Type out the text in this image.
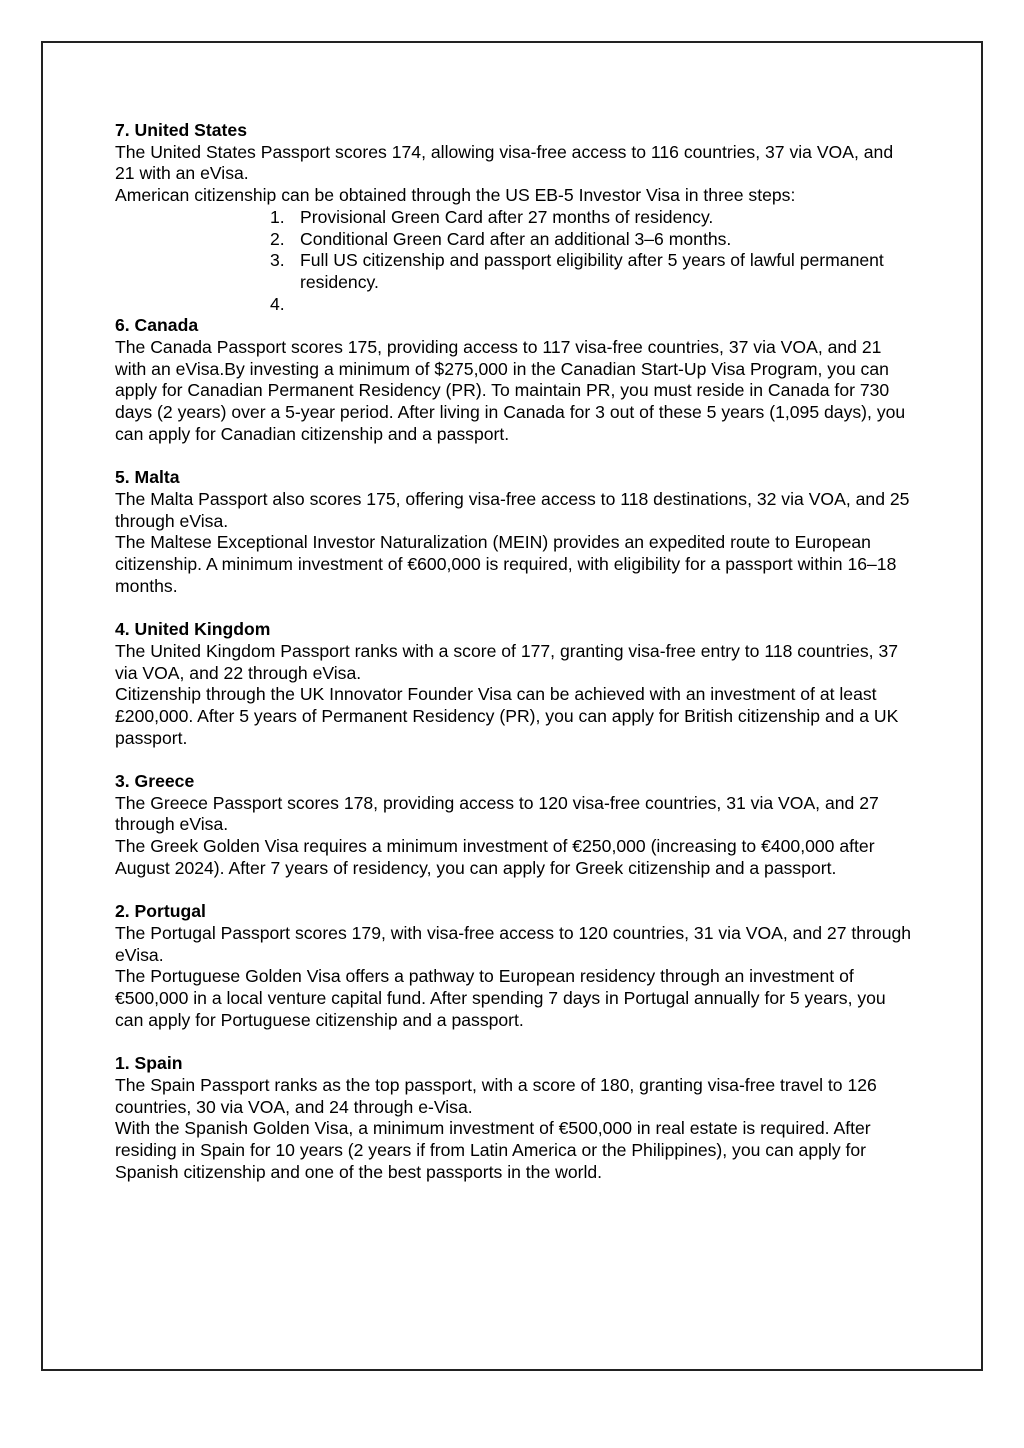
7. United States

The United States Passport scores 174, allowing visa-free access to 116 countries, 37 via VOA, and 21 with an eVisa.

American citizenship can be obtained through the US EB-5 Investor Visa in three steps:

1. Provisional Green Card after 27 months of residency.
2. Conditional Green Card after an additional 3–6 months.
3. Full US citizenship and passport eligibility after 5 years of lawful permanent residency.
4.

6. Canada

The Canada Passport scores 175, providing access to 117 visa-free countries, 37 via VOA, and 21 with an eVisa.By investing a minimum of $275,000 in the Canadian Start-Up Visa Program, you can apply for Canadian Permanent Residency (PR). To maintain PR, you must reside in Canada for 730 days (2 years) over a 5-year period. After living in Canada for 3 out of these 5 years (1,095 days), you can apply for Canadian citizenship and a passport.

5. Malta

The Malta Passport also scores 175, offering visa-free access to 118 destinations, 32 via VOA, and 25 through eVisa.

The Maltese Exceptional Investor Naturalization (MEIN) provides an expedited route to European citizenship. A minimum investment of €600,000 is required, with eligibility for a passport within 16–18 months.

4. United Kingdom

The United Kingdom Passport ranks with a score of 177, granting visa-free entry to 118 countries, 37 via VOA, and 22 through eVisa.

Citizenship through the UK Innovator Founder Visa can be achieved with an investment of at least £200,000. After 5 years of Permanent Residency (PR), you can apply for British citizenship and a UK passport.

3. Greece

The Greece Passport scores 178, providing access to 120 visa-free countries, 31 via VOA, and 27 through eVisa.

The Greek Golden Visa requires a minimum investment of €250,000 (increasing to €400,000 after August 2024). After 7 years of residency, you can apply for Greek citizenship and a passport.

2. Portugal

The Portugal Passport scores 179, with visa-free access to 120 countries, 31 via VOA, and 27 through eVisa.

The Portuguese Golden Visa offers a pathway to European residency through an investment of €500,000 in a local venture capital fund. After spending 7 days in Portugal annually for 5 years, you can apply for Portuguese citizenship and a passport.

1. Spain

The Spain Passport ranks as the top passport, with a score of 180, granting visa-free travel to 126 countries, 30 via VOA, and 24 through e-Visa.

With the Spanish Golden Visa, a minimum investment of €500,000 in real estate is required. After residing in Spain for 10 years (2 years if from Latin America or the Philippines), you can apply for Spanish citizenship and one of the best passports in the world.
